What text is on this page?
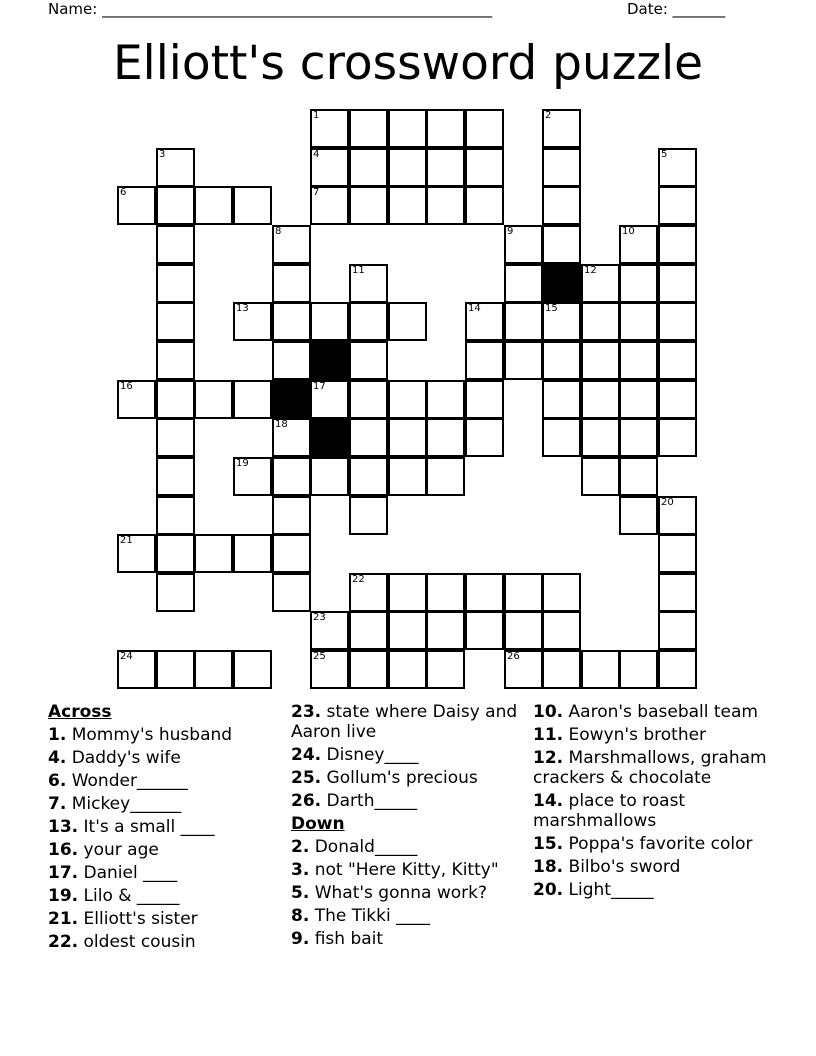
Name: ____________________________________________________	Date: _______
Elliott's crossword puzzle
1	2
3	4	5
6	7
8	9	10
11	12
13	14	15
16	17
18
19
20
21
22
23
24	25	26
Across
1. Mommy's husband
4. Daddy's wife
6. Wonder______
7. Mickey______
13. It's a small ____
16. your age
17. Daniel ____
19. Lilo & _____
21. Elliott's sister
22. oldest cousin
23. state where Daisy and Aaron live
24. Disney____
25. Gollum's precious
26. Darth_____
Down
2. Donald_____
3. not "Here Kitty, Kitty"
5. What's gonna work?
8. The Tikki ____
9. fish bait
10. Aaron's baseball team
11. Eowyn's brother
12. Marshmallows, graham crackers & chocolate
14. place to roast marshmallows
15. Poppa's favorite color
18. Bilbo's sword
20. Light_____
